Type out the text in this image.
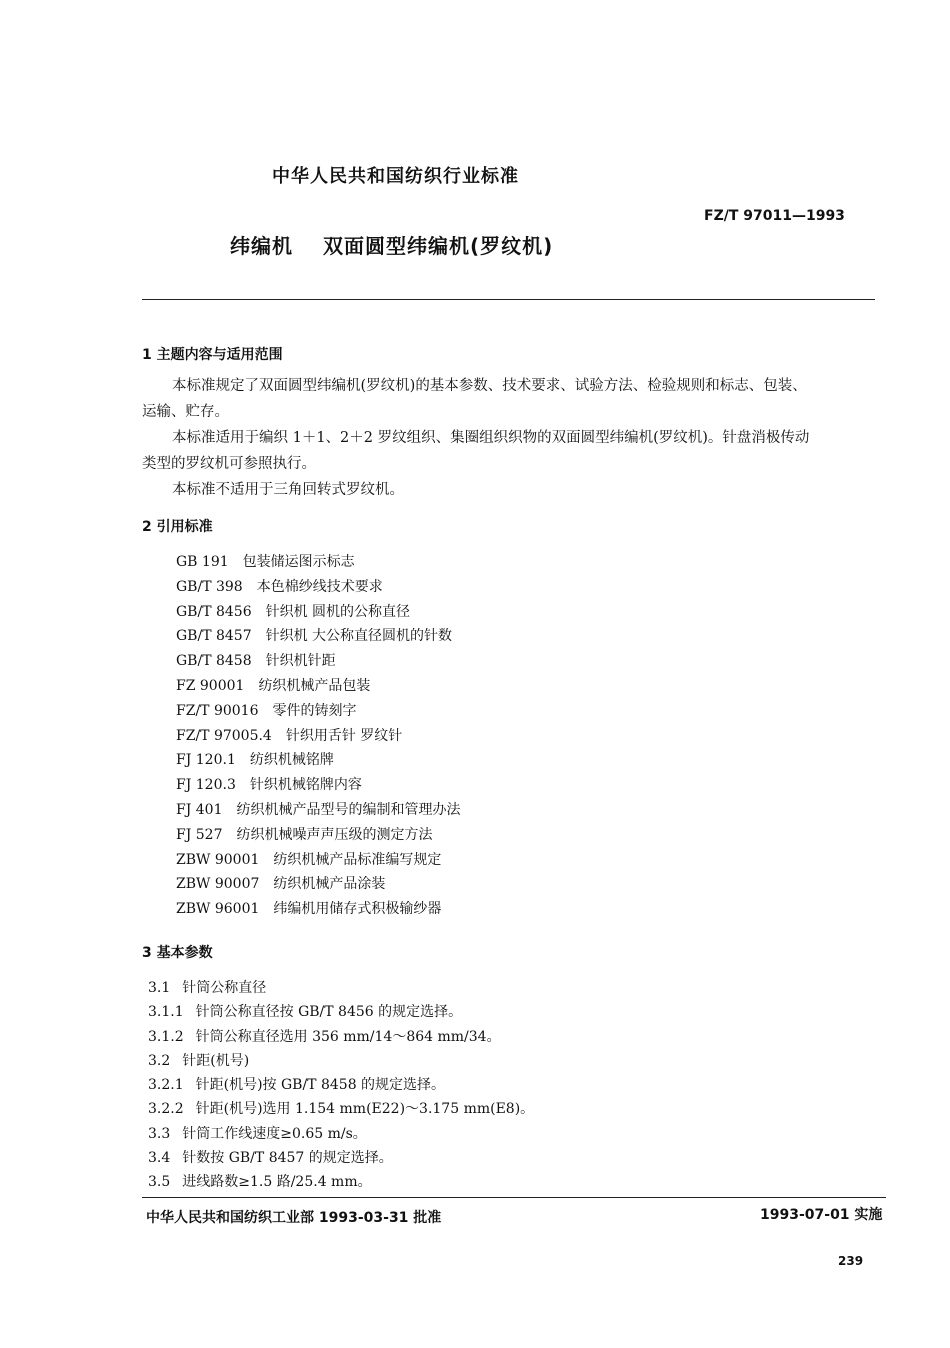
中华人民共和国纺织行业标准
FZ/T 97011—1993
纬编机 双面圆型纬编机(罗纹机)
1 主题内容与适用范围
本标准规定了双面圆型纬编机(罗纹机)的基本参数、技术要求、试验方法、检验规则和标志、包装、
运输、贮存。
本标准适用于编织 1＋1、2＋2 罗纹组织、集圈组织织物的双面圆型纬编机(罗纹机)。针盘消极传动
类型的罗纹机可参照执行。
本标准不适用于三角回转式罗纹机。
2 引用标准
GB 191 包装储运图示标志
GB/T 398 本色棉纱线技术要求
GB/T 8456 针织机 圆机的公称直径
GB/T 8457 针织机 大公称直径圆机的针数
GB/T 8458 针织机针距
FZ 90001 纺织机械产品包装
FZ/T 90016 零件的铸刻字
FZ/T 97005.4 针织用舌针 罗纹针
FJ 120.1 纺织机械铭牌
FJ 120.3 针织机械铭牌内容
FJ 401 纺织机械产品型号的编制和管理办法
FJ 527 纺织机械噪声声压级的测定方法
ZBW 90001 纺织机械产品标准编写规定
ZBW 90007 纺织机械产品涂装
ZBW 96001 纬编机用储存式积极输纱器
3 基本参数
3.1 针筒公称直径
3.1.1 针筒公称直径按 GB/T 8456 的规定选择。
3.1.2 针筒公称直径选用 356 mm/14～864 mm/34。
3.2 针距(机号)
3.2.1 针距(机号)按 GB/T 8458 的规定选择。
3.2.2 针距(机号)选用 1.154 mm(E22)～3.175 mm(E8)。
3.3 针筒工作线速度≥0.65 m/s。
3.4 针数按 GB/T 8457 的规定选择。
3.5 进线路数≥1.5 路/25.4 mm。
中华人民共和国纺织工业部 1993-03-31 批准	1993-07-01 实施
239
